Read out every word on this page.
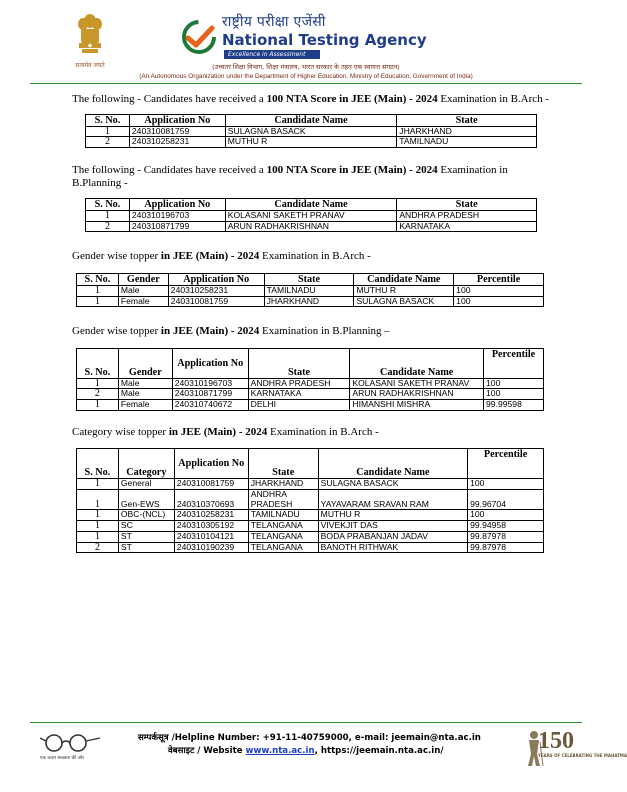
सत्यमेव जयते
राष्ट्रीय परीक्षा एजेंसी
National Testing Agency
Excellence in Assessment
(उच्चतर शिक्षा विभाग, शिक्षा मंत्रालय, भारत सरकार के तहत एक स्वायत्त संगठन)
(An Autonomous Organization under the Department of Higher Education, Ministry of Education, Government of India)

The following - Candidates have received a 100 NTA Score in JEE (Main) - 2024 Examination in B.Arch -

S. No.	Application No	Candidate Name	State
1	240310081759	SULAGNA BASACK	JHARKHAND
2	240310258231	MUTHU R	TAMILNADU

The following - Candidates have received a 100 NTA Score in JEE (Main) - 2024 Examination in B.Planning -

S. No.	Application No	Candidate Name	State
1	240310196703	KOLASANI SAKETH PRANAV	ANDHRA PRADESH
2	240310871799	ARUN RADHAKRISHNAN	KARNATAKA

Gender wise topper in JEE (Main) - 2024 Examination in B.Arch -

S. No.	Gender	Application No	State	Candidate Name	Percentile
1	Male	240310258231	TAMILNADU	MUTHU R	100
1	Female	240310081759	JHARKHAND	SULAGNA BASACK	100

Gender wise topper in JEE (Main) - 2024 Examination in B.Planning –

S. No.	Gender	Application No	State	Candidate Name	Percentile
1	Male	240310196703	ANDHRA PRADESH	KOLASANI SAKETH PRANAV	100
2	Male	240310871799	KARNATAKA	ARUN RADHAKRISHNAN	100
1	Female	240310740672	DELHI	HIMANSHI MISHRA	99.99598

Category wise topper in JEE (Main) - 2024 Examination in B.Arch -

S. No.	Category	Application No	State	Candidate Name	Percentile
1	General	240310081759	JHARKHAND	SULAGNA BASACK	100
1	Gen-EWS	240310370693	ANDHRA PRADESH	YAYAVARAM SRAVAN RAM	99.96704
1	OBC-(NCL)	240310258231	TAMILNADU	MUTHU R	100
1	SC	240310305192	TELANGANA	VIVEKJIT DAS	99.94958
1	ST	240310104121	TELANGANA	BODA PRABANJAN JADAV	99.87978
2	ST	240310190239	TELANGANA	BANOTH RITHWAK	99.87978
एक कदम स्वच्छता की ओर
सम्पर्कसूत्र /Helpline Number: +91-11-40759000, e-mail: jeemain@nta.ac.in
वेबसाइट / Website www.nta.ac.in, https://jeemain.nta.ac.in/	150
YEARS OF CELEBRATING THE MAHATMA
